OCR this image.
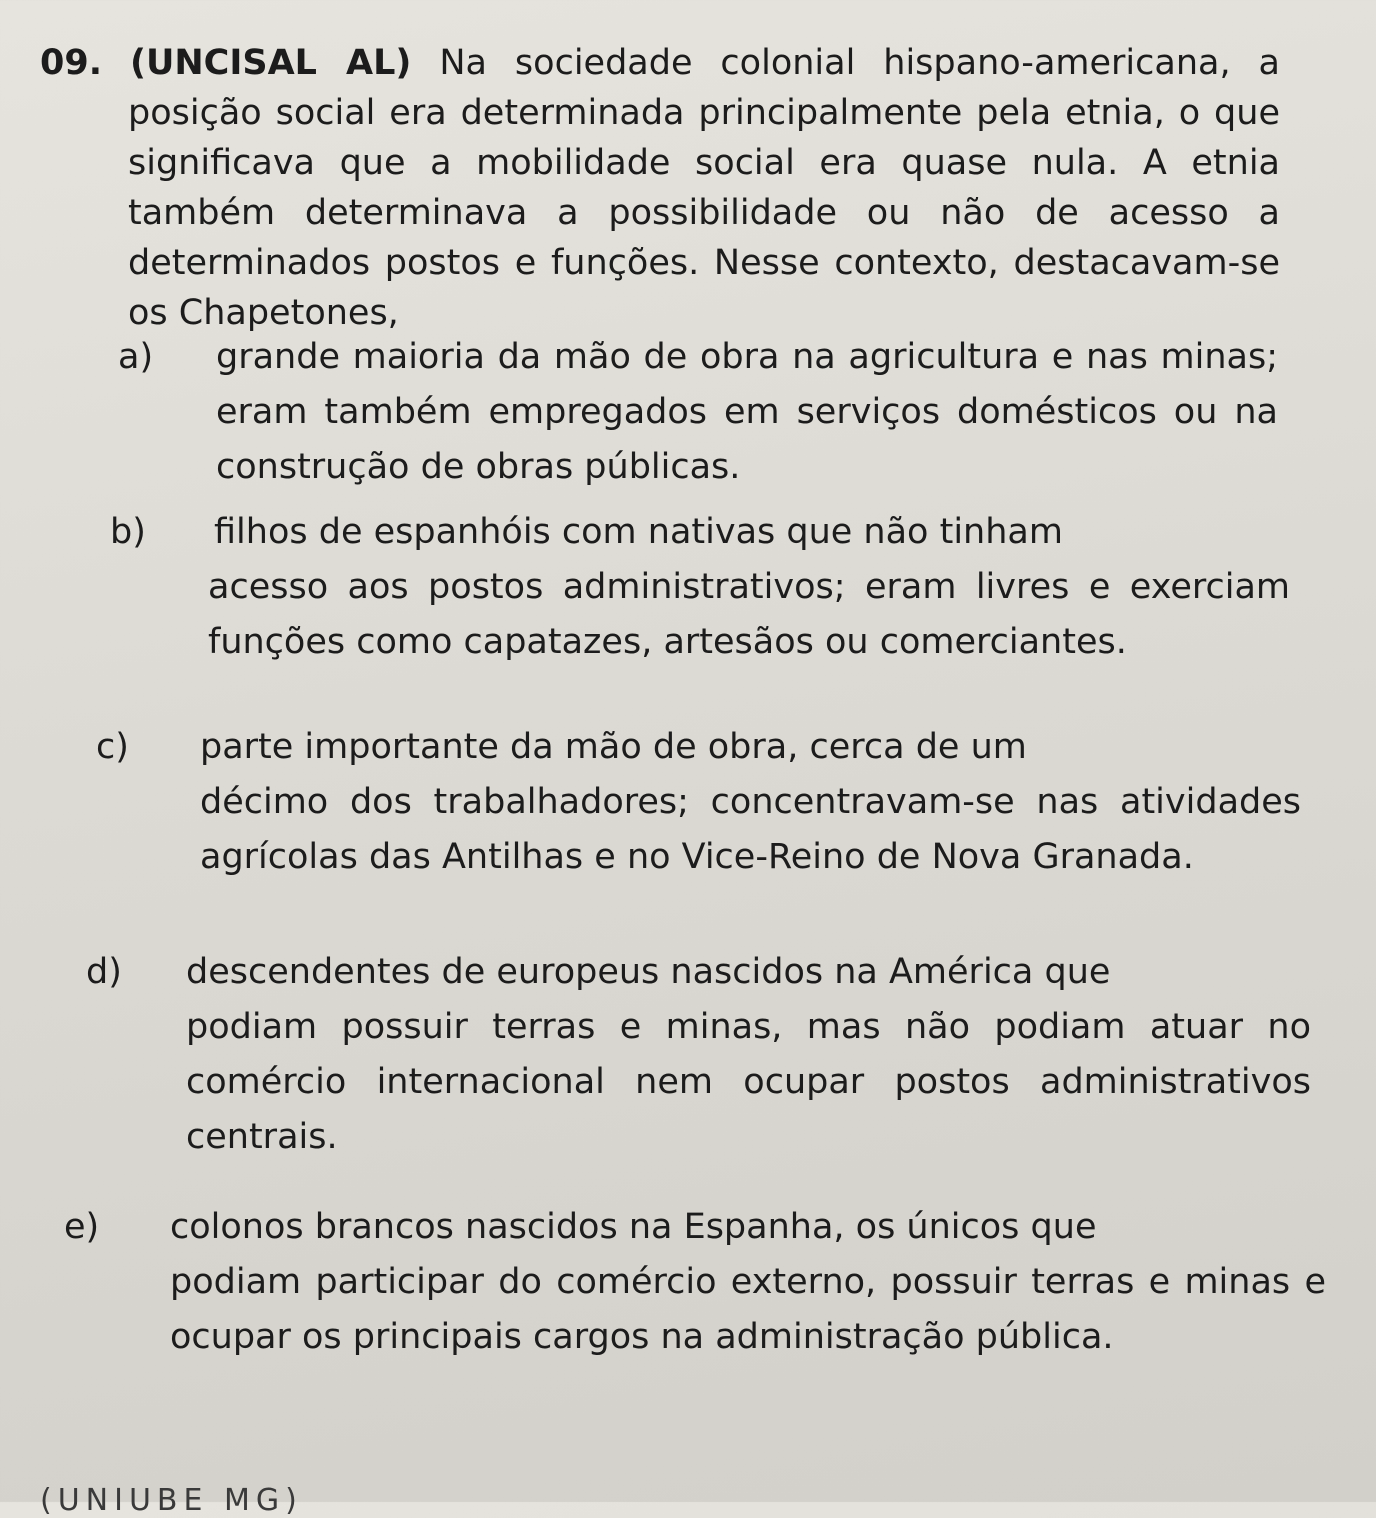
09. (UNCISAL AL) Na sociedade colonial hispano-americana, a posição social era determinada principalmente pela etnia, o que significava que a mobilidade social era quase nula. A etnia também determinava a possibilidade ou não de acesso a determinados postos e funções. Nesse contexto, destacavam-se os Chapetones,
a)	grande maioria da mão de obra na agricultura e nas minas; eram também empregados em serviços domésticos ou na construção de obras públicas.
b) filhos de espanhóis com nativas que não tinham
acesso aos postos administrativos; eram livres e exerciam funções como capatazes, artesãos ou comerciantes.
c) parte importante da mão de obra, cerca de um
décimo dos trabalhadores; concentravam-se nas atividades agrícolas das Antilhas e no Vice-Reino de Nova Granada.
d) descendentes de europeus nascidos na América que
podiam possuir terras e minas, mas não podiam atuar no comércio internacional nem ocupar postos administrativos centrais.
e) colonos brancos nascidos na Espanha, os únicos que
podiam participar do comércio externo, possuir terras e minas e ocupar os principais cargos na administração pública.
(UNIUBE MG)
